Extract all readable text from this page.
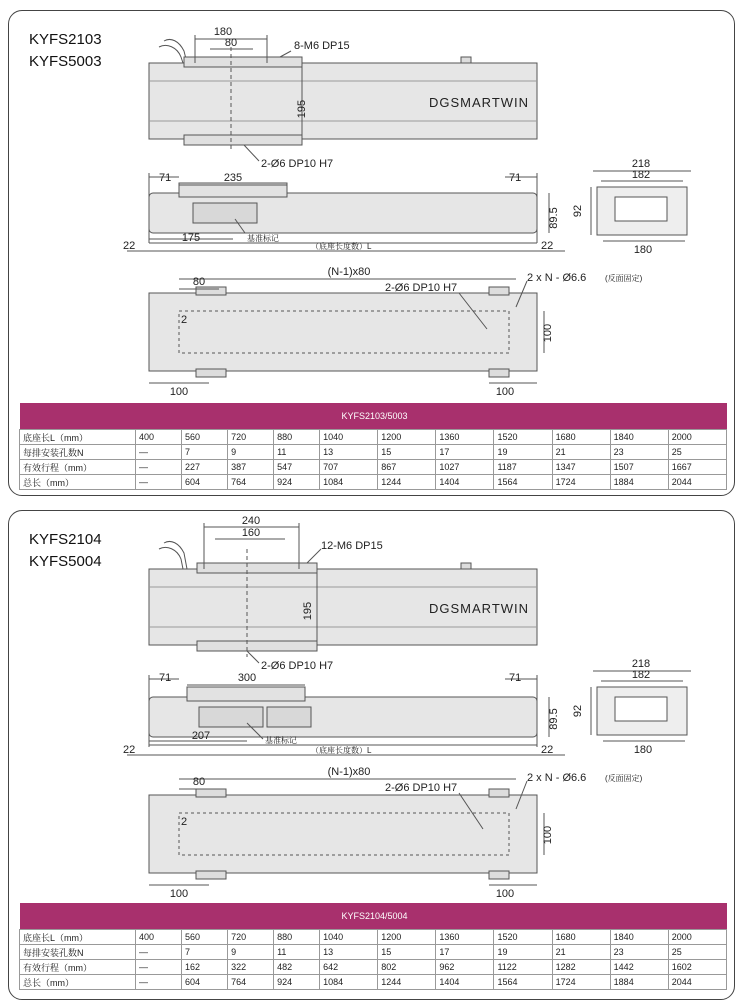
KYFS2103
KYFS5003
180
80	8-M6 DP15
195	DGSMARTWIN
2-Ø6 DP10 H7
71	235	71
89.5
175	基准标记
22	（底座长度数）L	22
218
182
92
180
(N-1)x80
80	2-Ø6 DP10 H7
2 x N - Ø6.6 (反面固定)
2
100
100	100
KYFS2103/5003											
底座长L（mm）	400	560	720	880	1040	1200	1360	1520	1680	1840	2000
每排安装孔数N	—	7	9	11	13	15	17	19	21	23	25
有效行程（mm）	—	227	387	547	707	867	1027	1187	1347	1507	1667
总长（mm）	—	604	764	924	1084	1244	1404	1564	1724	1884	2044
KYFS2104
KYFS5004
240
160
12-M6 DP15
195	DGSMARTWIN
2-Ø6 DP10 H7
71	300	71
89.5
207	基准标记
22	（底座长度数）L	22
218
182
92
180
(N-1)x80
80	2-Ø6 DP10 H7
2 x N - Ø6.6 (反面固定)
2
100
100	100
KYFS2104/5004											
底座长L（mm）	400	560	720	880	1040	1200	1360	1520	1680	1840	2000
每排安装孔数N	—	7	9	11	13	15	17	19	21	23	25
有效行程（mm）	—	162	322	482	642	802	962	1122	1282	1442	1602
总长（mm）	—	604	764	924	1084	1244	1404	1564	1724	1884	2044
